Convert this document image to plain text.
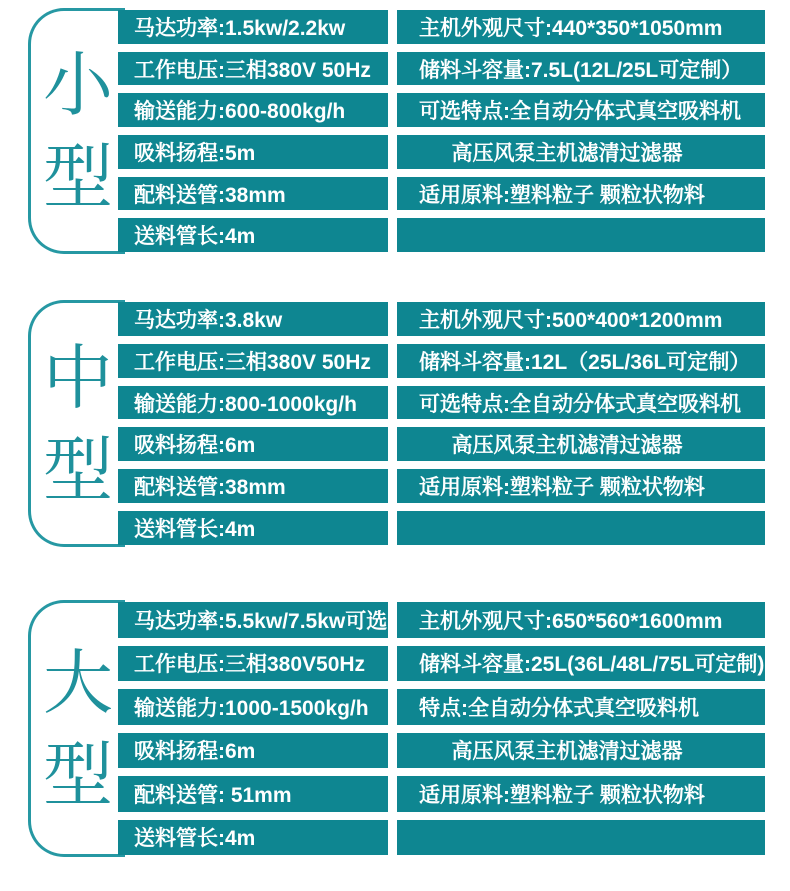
小
型
马达功率:1.5kw/2.2kw	主机外观尺寸:440*350*1050mm
工作电压:三相380V 50Hz	储料斗容量:7.5L(12L/25L可定制）
输送能力:600-800kg/h	可选特点:全自动分体式真空吸料机
吸料扬程:5m	高压风泵主机滤清过滤器
配料送管:38mm	适用原料:塑料粒子 颗粒状物料
送料管长:4m
中
型
马达功率:3.8kw	主机外观尺寸:500*400*1200mm
工作电压:三相380V 50Hz	储料斗容量:12L（25L/36L可定制）
输送能力:800-1000kg/h	可选特点:全自动分体式真空吸料机
吸料扬程:6m	高压风泵主机滤清过滤器
配料送管:38mm	适用原料:塑料粒子 颗粒状物料
送料管长:4m
大
型
马达功率:5.5kw/7.5kw可选	主机外观尺寸:650*560*1600mm
工作电压:三相380V50Hz	储料斗容量:25L(36L/48L/75L可定制)
输送能力:1000-1500kg/h	特点:全自动分体式真空吸料机
吸料扬程:6m	高压风泵主机滤清过滤器
配料送管: 51mm	适用原料:塑料粒子 颗粒状物料
送料管长:4m
